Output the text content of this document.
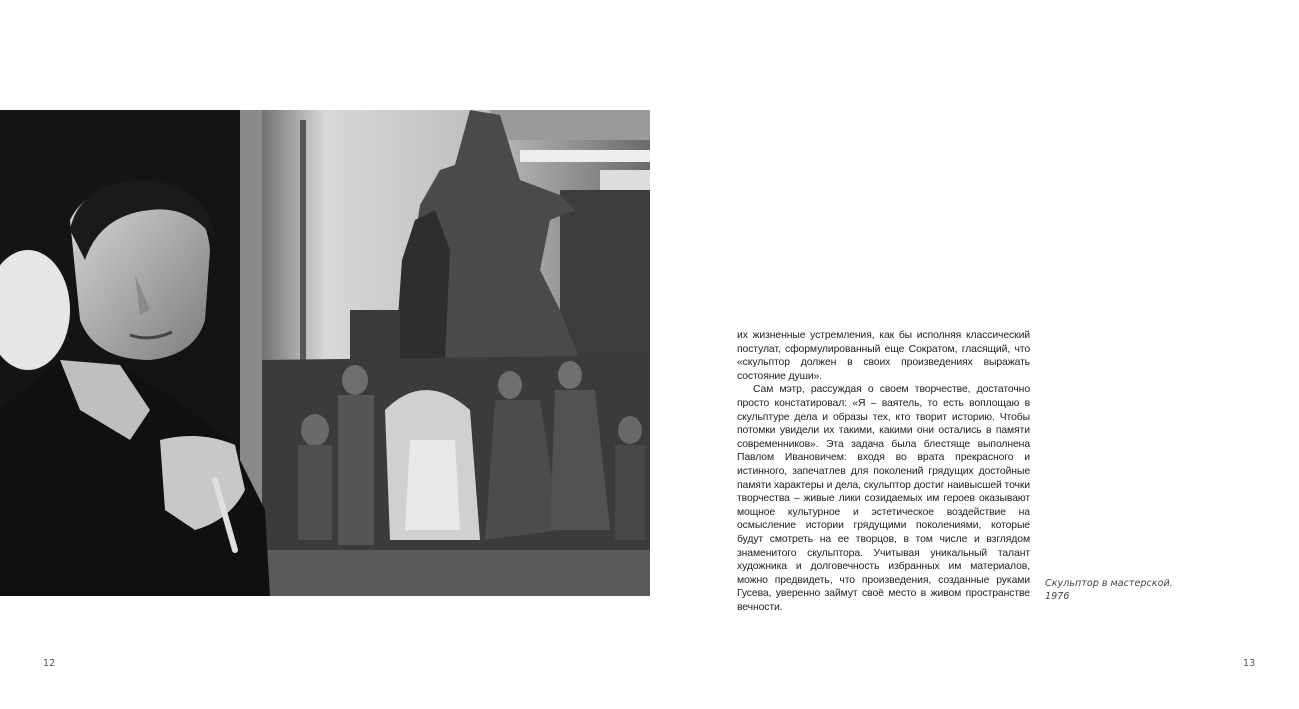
их жизненные устремления, как бы исполняя классический постулат, сформулированный еще Сократом, гласящий, что «скульптор должен в своих произведениях выражать состояние души».

Сам мэтр, рассуждая о своем творчестве, достаточно просто констатировал: «Я – ваятель, то есть воплощаю в скульптуре дела и образы тех, кто творит историю. Чтобы потомки увидели их такими, какими они остались в памяти современников». Эта задача была блестяще выполнена Павлом Ивановичем: входя во врата прекрасного и истинного, запечатлев для поколений грядущих достойные памяти характеры и дела, скульптор достиг наивысшей точки творчества – живые лики созидаемых им героев оказывают мощное культурное и эстетическое воздействие на осмысление истории грядущими поколениями, которые будут смотреть на ее творцов, в том числе и взглядом знаменитого скульптора. Учитывая уникальный талант художника и долговечность избранных им материалов, можно предвидеть, что произведения, созданные руками Гусева, уверенно займут своё место в живом пространстве вечности.

Скульптор в мастерской.
1976
12	13
